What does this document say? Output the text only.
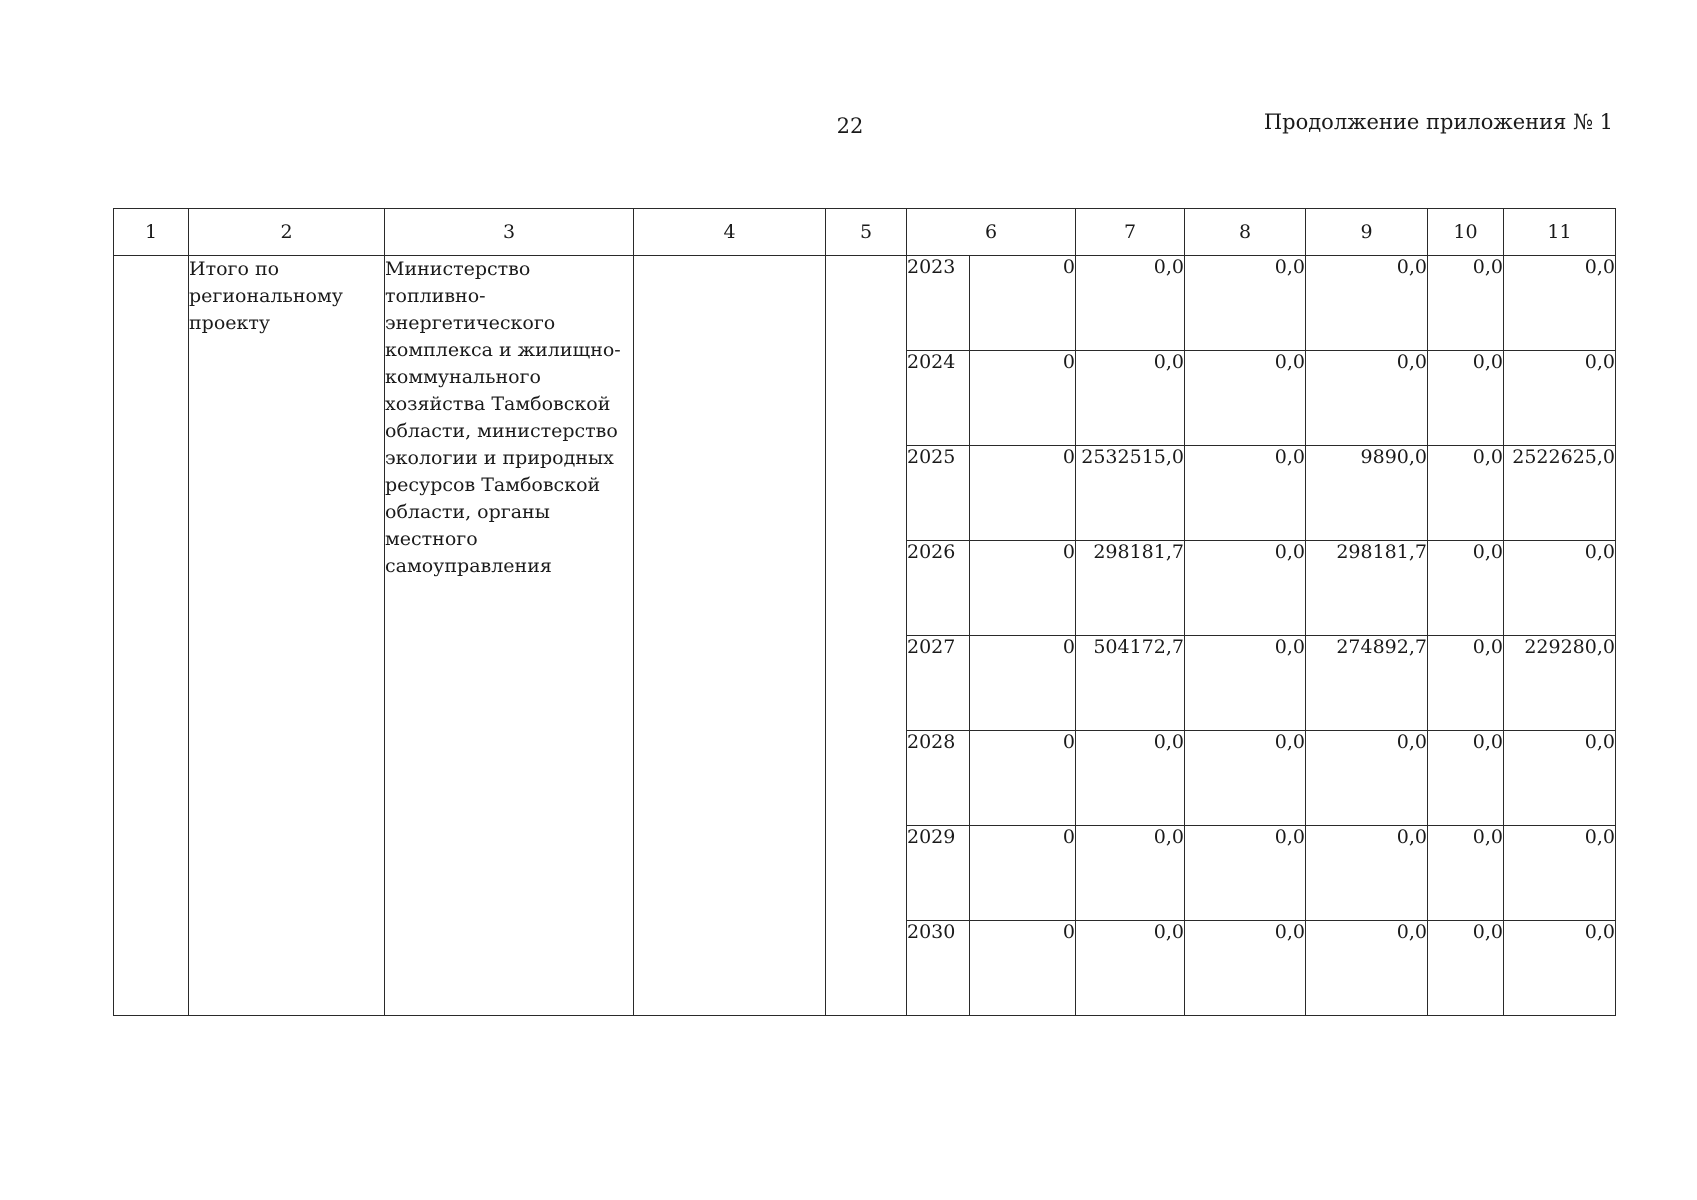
22	Продолжение приложения № 1
1	2	3	4	5	6		7	8	9	10	11
	Итого по региональному проекту	Министерство топливно-энергетического комплекса и жилищно-коммунального хозяйства Тамбовской области, министерство экологии и природных ресурсов Тамбовской области, органы местного самоуправления			2023	0	0,0	0,0	0,0	0,0	0,0
					2024	0	0,0	0,0	0,0	0,0	0,0
					2025	0	2532515,0	0,0	9890,0	0,0	2522625,0
					2026	0	298181,7	0,0	298181,7	0,0	0,0
					2027	0	504172,7	0,0	274892,7	0,0	229280,0
					2028	0	0,0	0,0	0,0	0,0	0,0
					2029	0	0,0	0,0	0,0	0,0	0,0
					2030	0	0,0	0,0	0,0	0,0	0,0
